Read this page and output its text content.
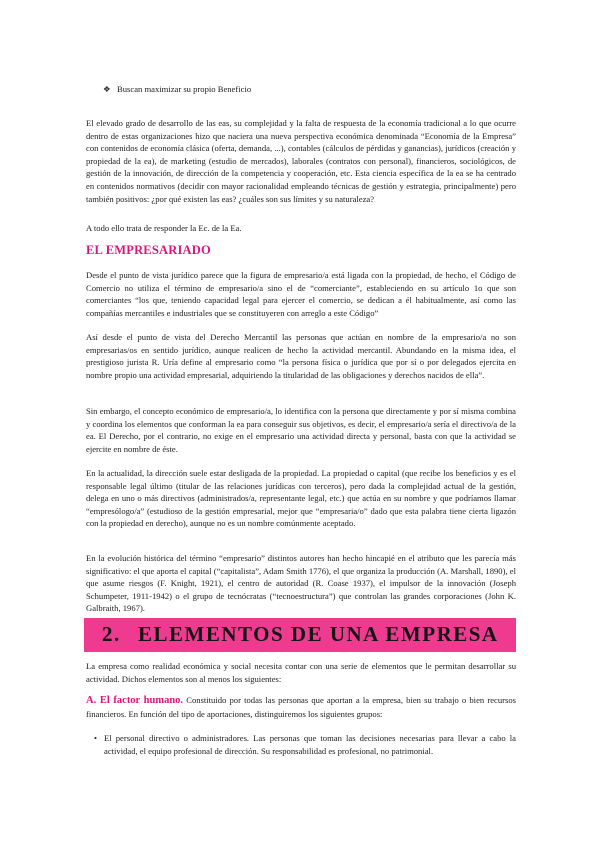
❖ Buscan maximizar su propio Beneficio

El elevado grado de desarrollo de las eas, su complejidad y la falta de respuesta de la economía tradicional a lo que ocurre dentro de estas organizaciones hizo que naciera una nueva perspectiva económica denominada “Economía de la Empresa” con contenidos de economía clásica (oferta, demanda, ...), contables (cálculos de pérdidas y ganancias), jurídicos (creación y propiedad de la ea), de marketing (estudio de mercados), laborales (contratos con personal), financieros, sociológicos, de gestión de la innovación, de dirección de la competencia y cooperación, etc. Esta ciencia específica de la ea se ha centrado en contenidos normativos (decidir con mayor racionalidad empleando técnicas de gestión y estrategia, principalmente) pero también positivos: ¿por qué existen las eas? ¿cuáles son sus límites y su naturaleza?

A todo ello trata de responder la Ec. de la Ea.

EL EMPRESARIADO

Desde el punto de vista jurídico parece que la figura de empresario/a está ligada con la propiedad, de hecho, el Código de Comercio no utiliza el término de empresario/a sino el de “comerciante”, estableciendo en su artículo 1o que son comerciantes “los que, teniendo capacidad legal para ejercer el comercio, se dedican a él habitualmente, así como las compañías mercantiles e industriales que se constituyeren con arreglo a este Código”

Así desde el punto de vista del Derecho Mercantil las personas que actúan en nombre de la empresario/a no son empresarias/os en sentido jurídico, aunque realicen de hecho la actividad mercantil. Abundando en la misma idea, el prestigioso jurista R. Uría define al empresario como “la persona física o jurídica que por sí o por delegados ejercita en nombre propio una actividad empresarial, adquiriendo la titularidad de las obligaciones y derechos nacidos de ella”.

Sin embargo, el concepto económico de empresario/a, lo identifica con la persona que directamente y por sí misma combina y coordina los elementos que conforman la ea para conseguir sus objetivos, es decir, el empresario/a sería el directivo/a de la ea. El Derecho, por el contrario, no exige en el empresario una actividad directa y personal, basta con que la actividad se ejercite en nombre de éste.

En la actualidad, la dirección suele estar desligada de la propiedad. La propiedad o capital (que recibe los beneficios y es el responsable legal último (titular de las relaciones jurídicas con terceros), pero dada la complejidad actual de la gestión, delega en uno o más directivos (administrados/a, representante legal, etc.) que actúa en su nombre y que podríamos llamar “empresólogo/a” (estudioso de la gestión empresarial, mejor que “empresaria/o” dado que esta palabra tiene cierta ligazón con la propiedad en derecho), aunque no es un nombre comúnmente aceptado.

En la evolución histórica del término “empresario” distintos autores han hecho hincapié en el atributo que les parecía más significativo: el que aporta el capital (“capitalista”, Adam Smith 1776), el que organiza la producción (A. Marshall, 1890), el que asume riesgos (F. Knight, 1921), el centro de autoridad (R. Coase 1937), el impulsor de la innovación (Joseph Schumpeter, 1911-1942) o el grupo de tecnócratas (“tecnoestructura”) que controlan las grandes corporaciones (John K. Galbraith, 1967).

2. ELEMENTOS DE UNA EMPRESA

La empresa como realidad económica y social necesita contar con una serie de elementos que le permitan desarrollar su actividad. Dichos elementos son al menos los siguientes:

A. El factor humano. Constituido por todas las personas que aportan a la empresa, bien su trabajo o bien recursos financieros. En función del tipo de aportaciones, distinguiremos los siguientes grupos:

• El personal directivo o administradores. Las personas que toman las decisiones necesarias para llevar a cabo la actividad, el equipo profesional de dirección. Su responsabilidad es profesional, no patrimonial.
